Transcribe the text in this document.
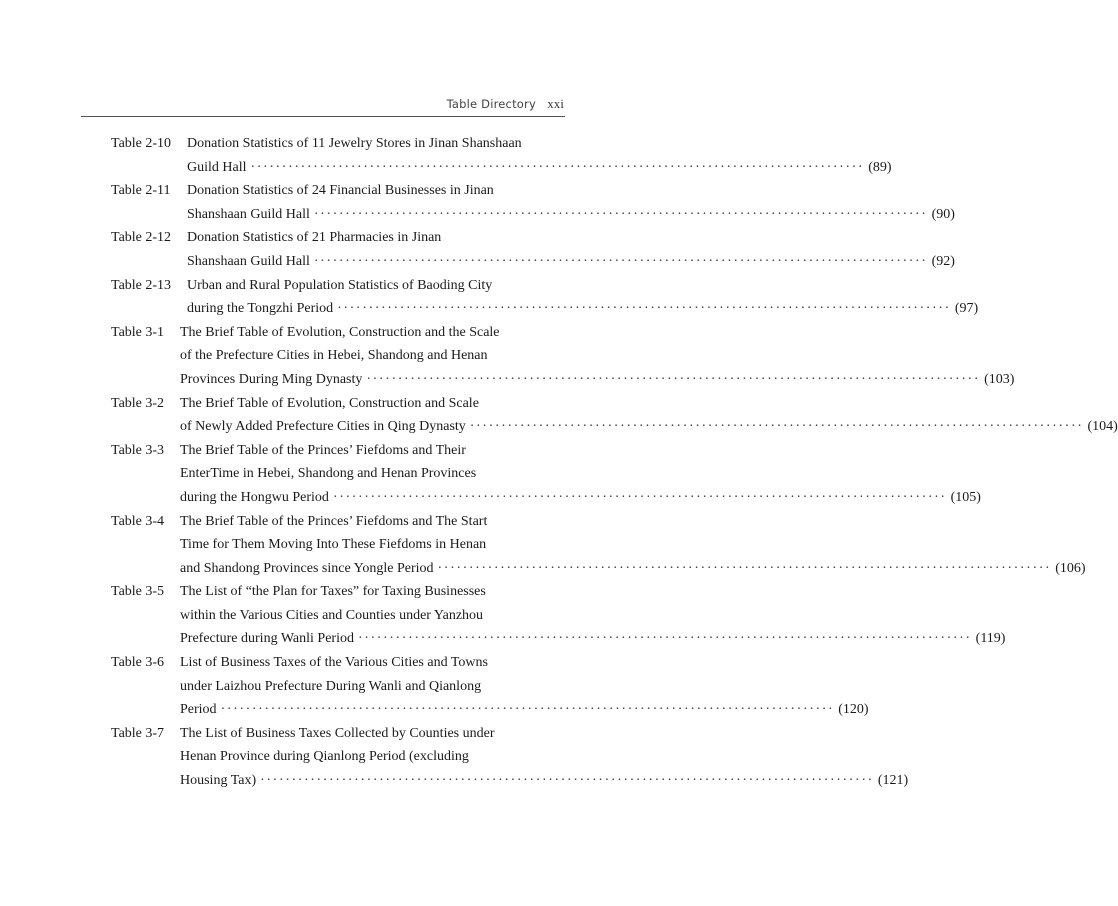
Table Directory xxi
Table 2-10	Donation Statistics of 11 Jewelry Stores in Jinan Shanshaan
Guild Hall ·································································································· (89)
Table 2-11	Donation Statistics of 24 Financial Businesses in Jinan
Shanshaan Guild Hall ·································································································· (90)
Table 2-12	Donation Statistics of 21 Pharmacies in Jinan
Shanshaan Guild Hall ·································································································· (92)
Table 2-13	Urban and Rural Population Statistics of Baoding City
during the Tongzhi Period ·································································································· (97)
Table 3-1	The Brief Table of Evolution, Construction and the Scale
of the Prefecture Cities in Hebei, Shandong and Henan
Provinces During Ming Dynasty ·································································································· (103)
Table 3-2	The Brief Table of Evolution, Construction and Scale
of Newly Added Prefecture Cities in Qing Dynasty ·································································································· (104)
Table 3-3	The Brief Table of the Princes’ Fiefdoms and Their
EnterTime in Hebei, Shandong and Henan Provinces
during the Hongwu Period ·································································································· (105)
Table 3-4	The Brief Table of the Princes’ Fiefdoms and The Start
Time for Them Moving Into These Fiefdoms in Henan
and Shandong Provinces since Yongle Period ·································································································· (106)
Table 3-5	The List of “the Plan for Taxes” for Taxing Businesses
within the Various Cities and Counties under Yanzhou
Prefecture during Wanli Period ·································································································· (119)
Table 3-6	List of Business Taxes of the Various Cities and Towns
under Laizhou Prefecture During Wanli and Qianlong
Period ·································································································· (120)
Table 3-7	The List of Business Taxes Collected by Counties under
Henan Province during Qianlong Period (excluding
Housing Tax) ·································································································· (121)
